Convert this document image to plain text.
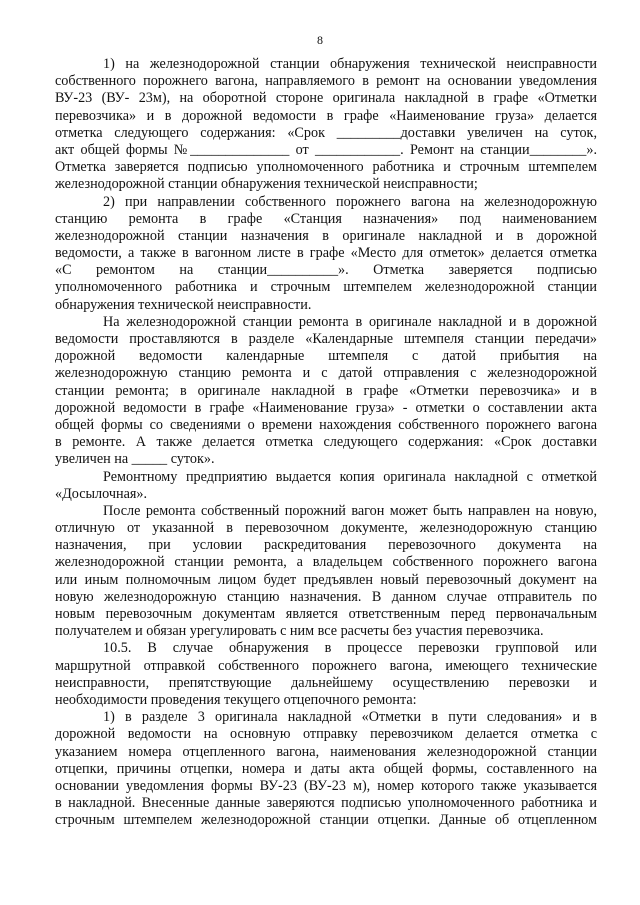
8
1) на железнодорожной станции обнаружения технической неисправности
собственного порожнего вагона, направляемого в ремонт на основании уведомления
ВУ-23 (ВУ- 23м), на оборотной стороне оригинала накладной в графе «Отметки
перевозчика» и в дорожной ведомости в графе «Наименование груза» делается
отметка следующего содержания: «Срок _________доставки увеличен на суток,
акт общей формы №______________ от ____________. Ремонт на станции________».
Отметка заверяется подписью уполномоченного работника и строчным штемпелем
железнодорожной станции обнаружения технической неисправности;
2) при направлении собственного порожнего вагона на железнодорожную
станцию ремонта в графе «Станция назначения» под наименованием
железнодорожной станции назначения в оригинале накладной и в дорожной
ведомости, а также в вагонном листе в графе «Место для отметок» делается отметка
«С ремонтом на станции__________». Отметка заверяется подписью
уполномоченного работника и строчным штемпелем железнодорожной станции
обнаружения технической неисправности.
На железнодорожной станции ремонта в оригинале накладной и в дорожной
ведомости проставляются в разделе «Календарные штемпеля станции передачи»
дорожной ведомости календарные штемпеля с датой прибытия на
железнодорожную станцию ремонта и с датой отправления с железнодорожной
станции ремонта; в оригинале накладной в графе «Отметки перевозчика» и в
дорожной ведомости в графе «Наименование груза» - отметки о составлении акта
общей формы со сведениями о времени нахождения собственного порожнего вагона
в ремонте. А также делается отметка следующего содержания: «Срок доставки
увеличен на _____ суток».
Ремонтному предприятию выдается копия оригинала накладной с отметкой
«Досылочная».
После ремонта собственный порожний вагон может быть направлен на новую,
отличную от указанной в перевозочном документе, железнодорожную станцию
назначения, при условии раскредитования перевозочного документа на
железнодорожной станции ремонта, а владельцем собственного порожнего вагона
или иным полномочным лицом будет предъявлен новый перевозочный документ на
новую железнодорожную станцию назначения. В данном случае отправитель по
новым перевозочным документам является ответственным перед первоначальным
получателем и обязан урегулировать с ним все расчеты без участия перевозчика.
10.5. В случае обнаружения в процессе перевозки групповой или
маршрутной отправкой собственного порожнего вагона, имеющего технические
неисправности, препятствующие дальнейшему осуществлению перевозки и
необходимости проведения текущего отцепочного ремонта:
1) в разделе 3 оригинала накладной «Отметки в пути следования» и в
дорожной ведомости на основную отправку перевозчиком делается отметка с
указанием номера отцепленного вагона, наименования железнодорожной станции
отцепки, причины отцепки, номера и даты акта общей формы, составленного на
основании уведомления формы ВУ-23 (ВУ-23 м), номер которого также указывается
в накладной. Внесенные данные заверяются подписью уполномоченного работника и
строчным штемпелем железнодорожной станции отцепки. Данные об отцепленном
